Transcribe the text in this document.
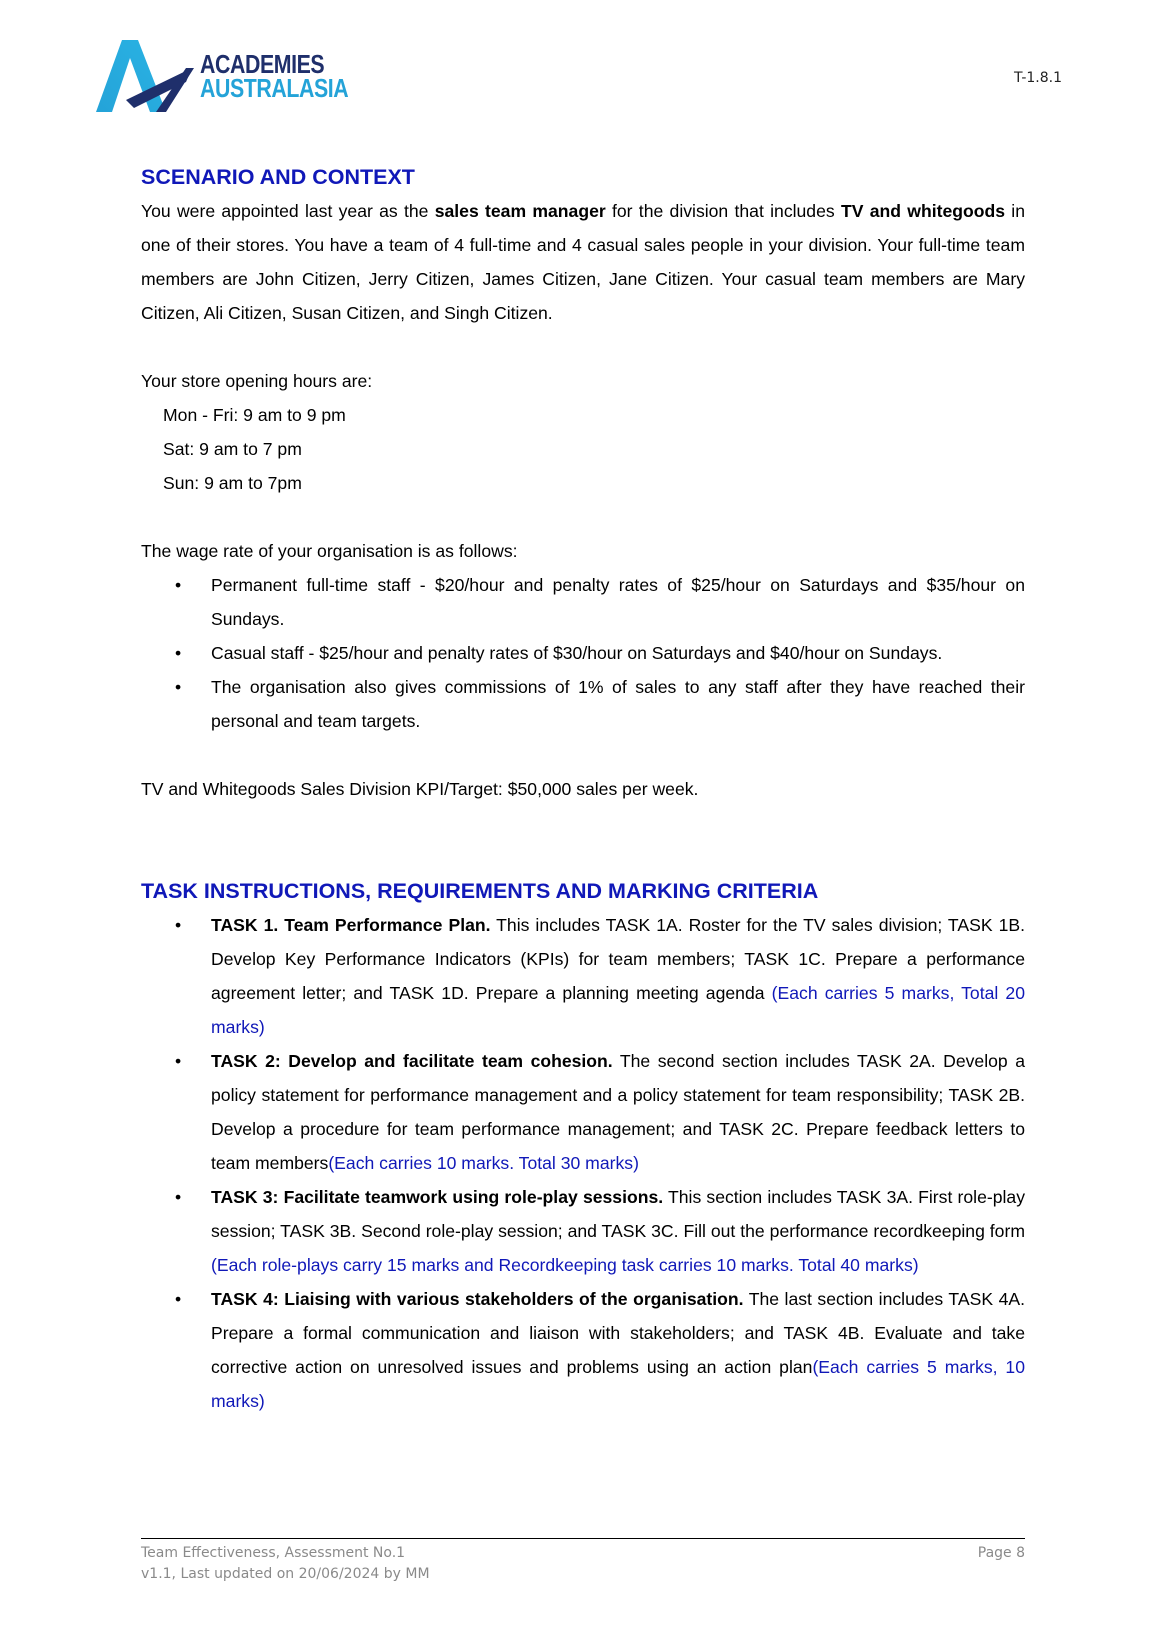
ACADEMIES
AUSTRALASIA	T-1.8.1
SCENARIO AND CONTEXT

You were appointed last year as the sales team manager for the division that includes TV and whitegoods in one of their stores. You have a team of 4 full-time and 4 casual sales people in your division. Your full-time team members are John Citizen, Jerry Citizen, James Citizen, Jane Citizen. Your casual team members are Mary Citizen, Ali Citizen, Susan Citizen, and Singh Citizen.

Your store opening hours are:

Mon - Fri: 9 am to 9 pm
Sat: 9 am to 7 pm
Sun: 9 am to 7pm

The wage rate of your organisation is as follows:

• Permanent full-time staff - $20/hour and penalty rates of $25/hour on Saturdays and $35/hour on Sundays.
• Casual staff - $25/hour and penalty rates of $30/hour on Saturdays and $40/hour on Sundays.
• The organisation also gives commissions of 1% of sales to any staff after they have reached their personal and team targets.

TV and Whitegoods Sales Division KPI/Target: $50,000 sales per week.

TASK INSTRUCTIONS, REQUIREMENTS AND MARKING CRITERIA
• TASK 1. Team Performance Plan. This includes TASK 1A. Roster for the TV sales division; TASK 1B. Develop Key Performance Indicators (KPIs) for team members; TASK 1C. Prepare a performance agreement letter; and TASK 1D. Prepare a planning meeting agenda (Each carries 5 marks, Total 20 marks)
• TASK 2: Develop and facilitate team cohesion. The second section includes TASK 2A. Develop a policy statement for performance management and a policy statement for team responsibility; TASK 2B. Develop a procedure for team performance management; and TASK 2C. Prepare feedback letters to team members(Each carries 10 marks. Total 30 marks)
• TASK 3: Facilitate teamwork using role-play sessions. This section includes TASK 3A. First role-play session; TASK 3B. Second role-play session; and TASK 3C. Fill out the performance recordkeeping form (Each role-plays carry 15 marks and Recordkeeping task carries 10 marks. Total 40 marks)
• TASK 4: Liaising with various stakeholders of the organisation. The last section includes TASK 4A. Prepare a formal communication and liaison with stakeholders; and TASK 4B. Evaluate and take corrective action on unresolved issues and problems using an action plan(Each carries 5 marks, 10 marks)
Team Effectiveness, Assessment No.1	Page 8
v1.1, Last updated on 20/06/2024 by MM
